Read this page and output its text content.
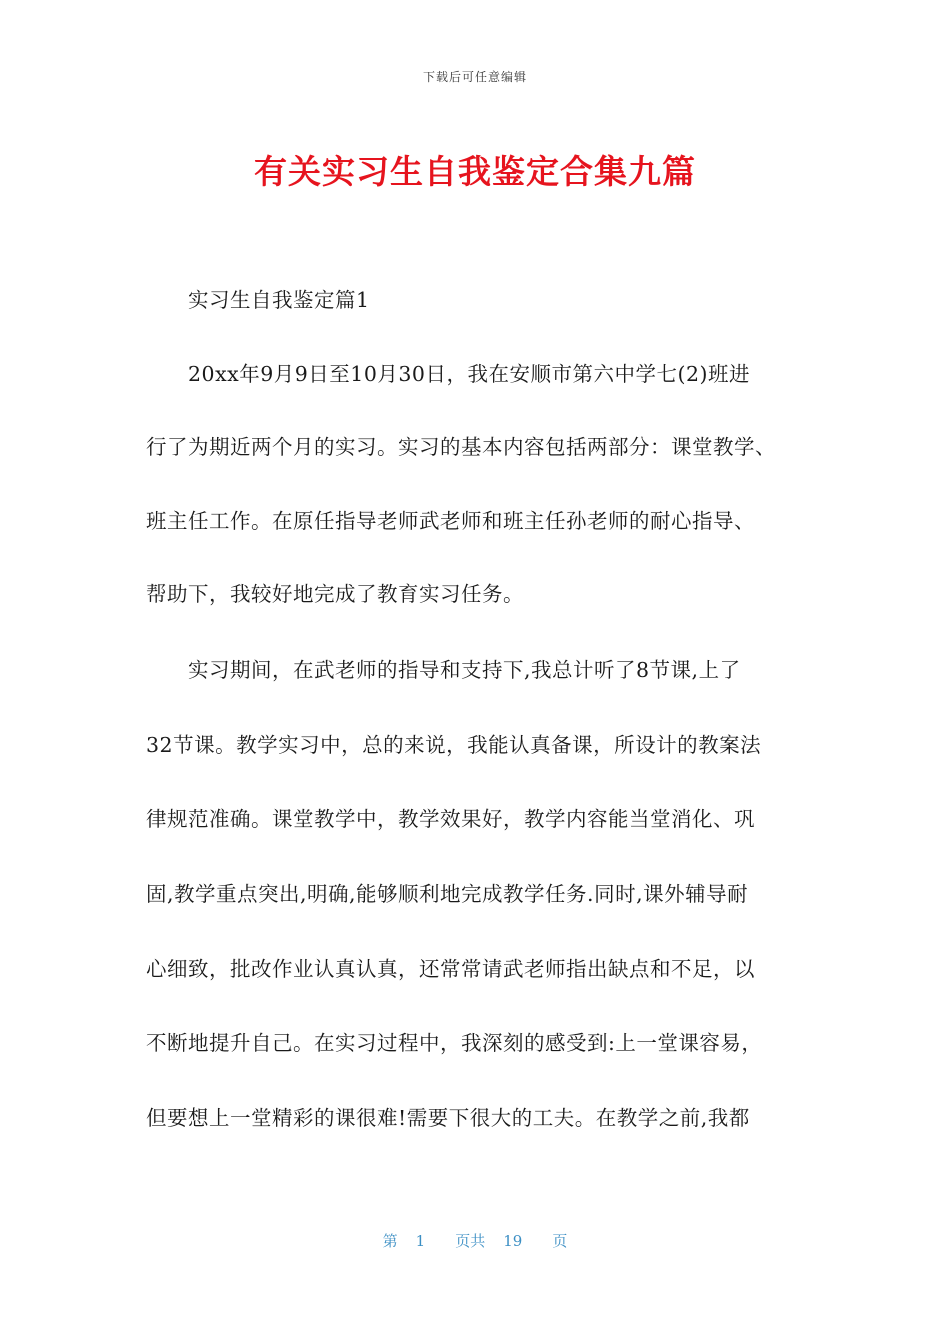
下载后可任意编辑
有关实习生自我鉴定合集九篇
实习生自我鉴定篇1
20xx年9月9日至10月30日，我在安顺市第六中学七(2)班进
行了为期近两个月的实习。实习的基本内容包括两部分：课堂教学、
班主任工作。在原任指导老师武老师和班主任孙老师的耐心指导、
帮助下，我较好地完成了教育实习任务。
实习期间，在武老师的指导和支持下,我总计听了8节课,上了
32节课。教学实习中，总的来说，我能认真备课，所设计的教案法
律规范准确。课堂教学中，教学效果好，教学内容能当堂消化、巩
固,教学重点突出,明确,能够顺利地完成教学任务.同时,课外辅导耐
心细致，批改作业认真认真，还常常请武老师指出缺点和不足，以
不断地提升自己。在实习过程中，我深刻的感受到:上一堂课容易，
但要想上一堂精彩的课很难!需要下很大的工夫。在教学之前,我都
第 1 页共 19 页
